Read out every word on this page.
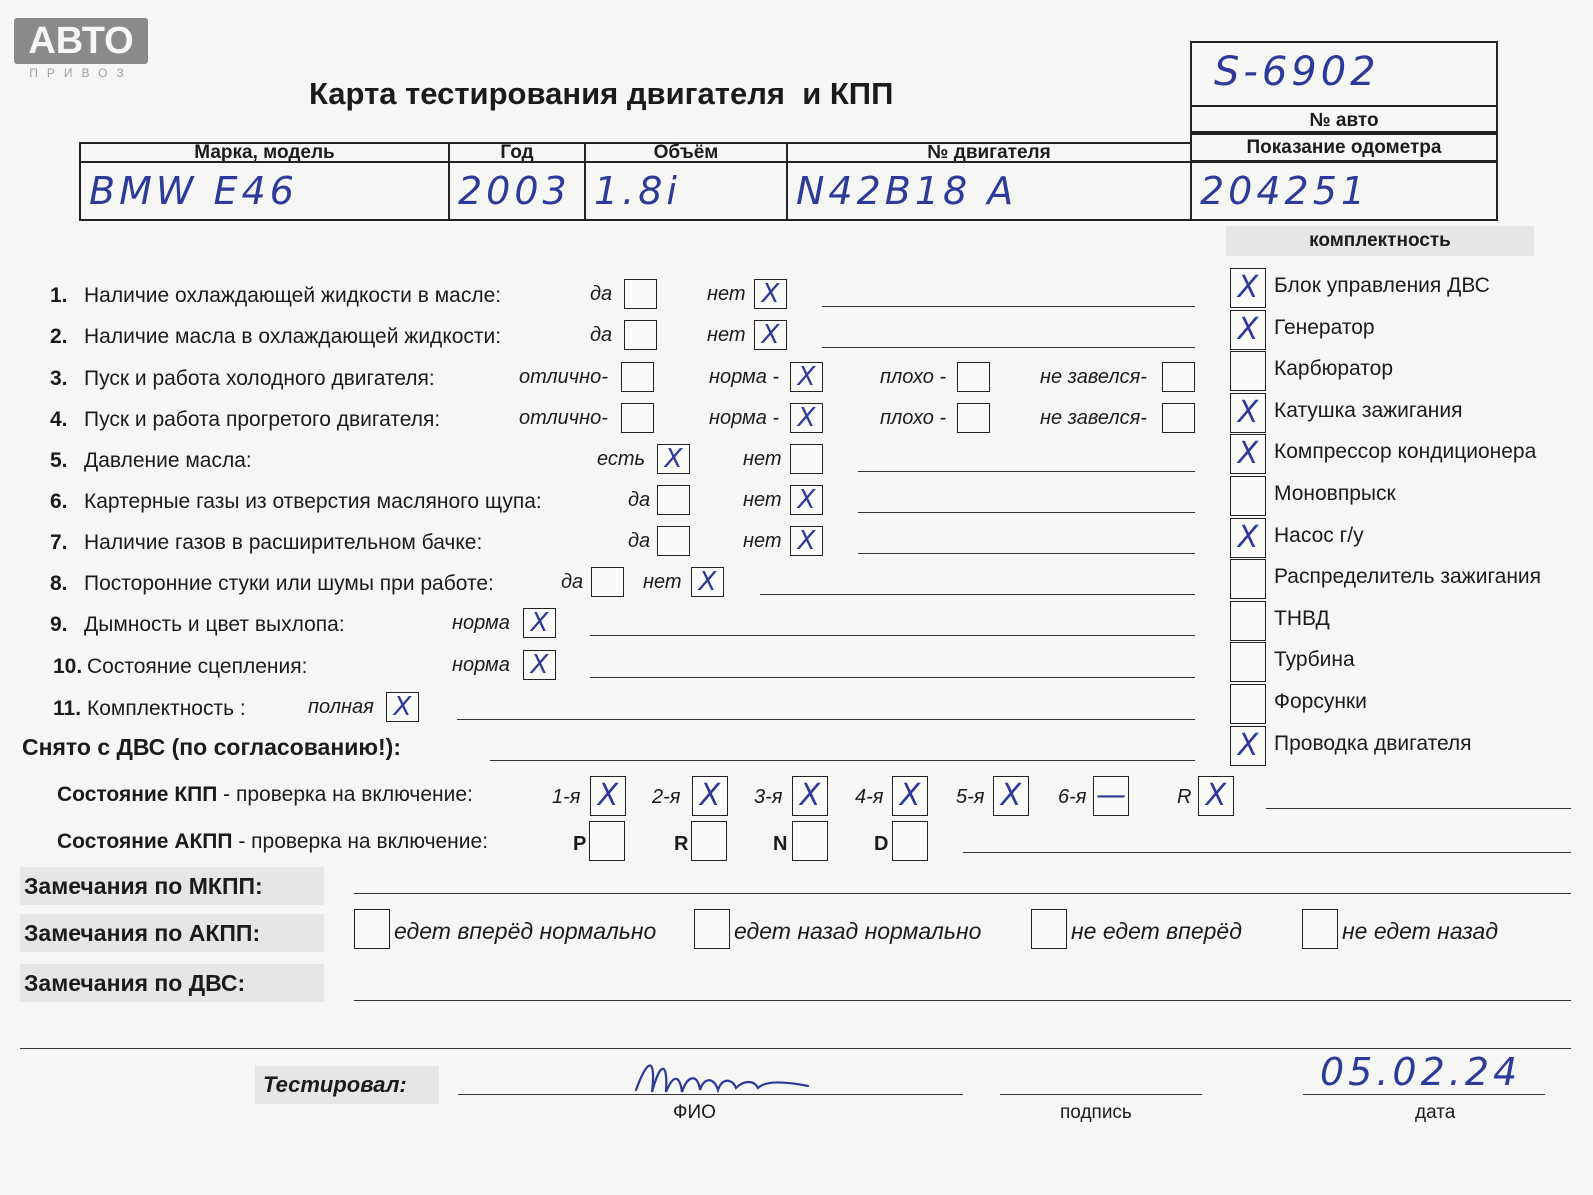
АВТО
ПРИВОЗ
Карта тестирования двигателя  и КПП	S-6902
№ авто
Марка, модель
BMW E46
Год
2003
Объём
1.8i
№ двигателя
N42B18 A
Показание одометра
204251
комплектность
X Блок управления ДВС
X Генератор
Карбюратор
X Катушка зажигания
X Компрессор кондиционера
Моновпрыск
X Насос г/у
Распределитель зажигания
ТНВД
Турбина
Форсунки
X Проводка двигателя
1. Наличие охлаждающей жидкости в масле:	да	нет X
2. Наличие масла в охлаждающей жидкости:	да	нет X
3. Пуск и работа холодного двигателя:	отлично-	норма - X	плохо -	не завелся-
4. Пуск и работа прогретого двигателя:	отлично-	норма - X	плохо -	не завелся-
5. Давление масла:	есть X	нет
6. Картерные газы из отверстия масляного щупа:	да	нет X
7. Наличие газов в расширительном бачке:	да	нет X
8. Посторонние стуки или шумы при работе:	да	нет X
9. Дымность и цвет выхлопа:	норма X
10. Состояние сцепления:	норма X
11. Комплектность :	полная X
Снято с ДВС (по согласованию!):
Состояние КПП - проверка на включение:	1-я X	2-я X	3-я X	4-я X	5-я X	6-я —	R X
Состояние АКПП - проверка на включение:	P	R	N	D
Замечания по МКПП:
Замечания по АКПП:	едет вперёд нормально	едет назад нормально	не едет вперёд	не едет назад
Замечания по ДВС:
Тестировал:
ФИО	подпись
05.02.24
дата
